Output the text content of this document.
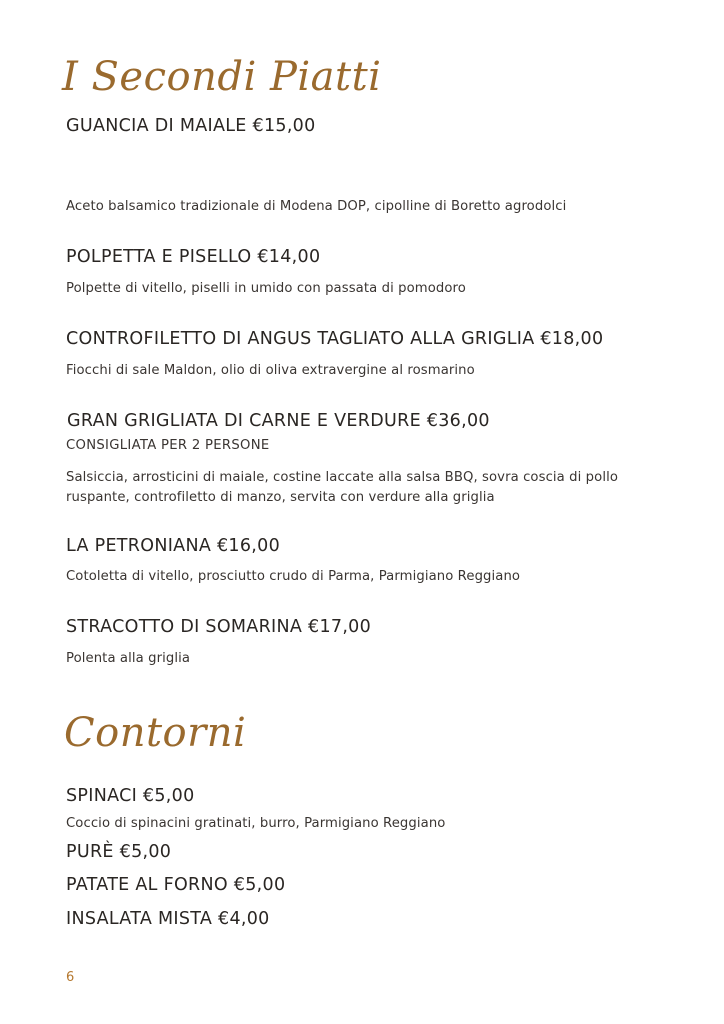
I Secondi Piatti
GUANCIA DI MAIALE €15,00
Aceto balsamico tradizionale di Modena DOP, cipolline di Boretto agrodolci
POLPETTA E PISELLO €14,00
Polpette di vitello, piselli in umido con passata di pomodoro
CONTROFILETTO DI ANGUS TAGLIATO ALLA GRIGLIA €18,00
Fiocchi di sale Maldon, olio di oliva extravergine al rosmarino
GRAN GRIGLIATA DI CARNE E VERDURE €36,00
CONSIGLIATA PER 2 PERSONE
Salsiccia, arrosticini di maiale, costine laccate alla salsa BBQ, sovra coscia di pollo ruspante, controfiletto di manzo, servita con verdure alla griglia
LA PETRONIANA €16,00
Cotoletta di vitello, prosciutto crudo di Parma, Parmigiano Reggiano
STRACOTTO DI SOMARINA €17,00
Polenta alla griglia
Contorni
SPINACI €5,00
Coccio di spinacini gratinati, burro, Parmigiano Reggiano
PURÈ €5,00
PATATE AL FORNO €5,00
INSALATA MISTA €4,00
6
